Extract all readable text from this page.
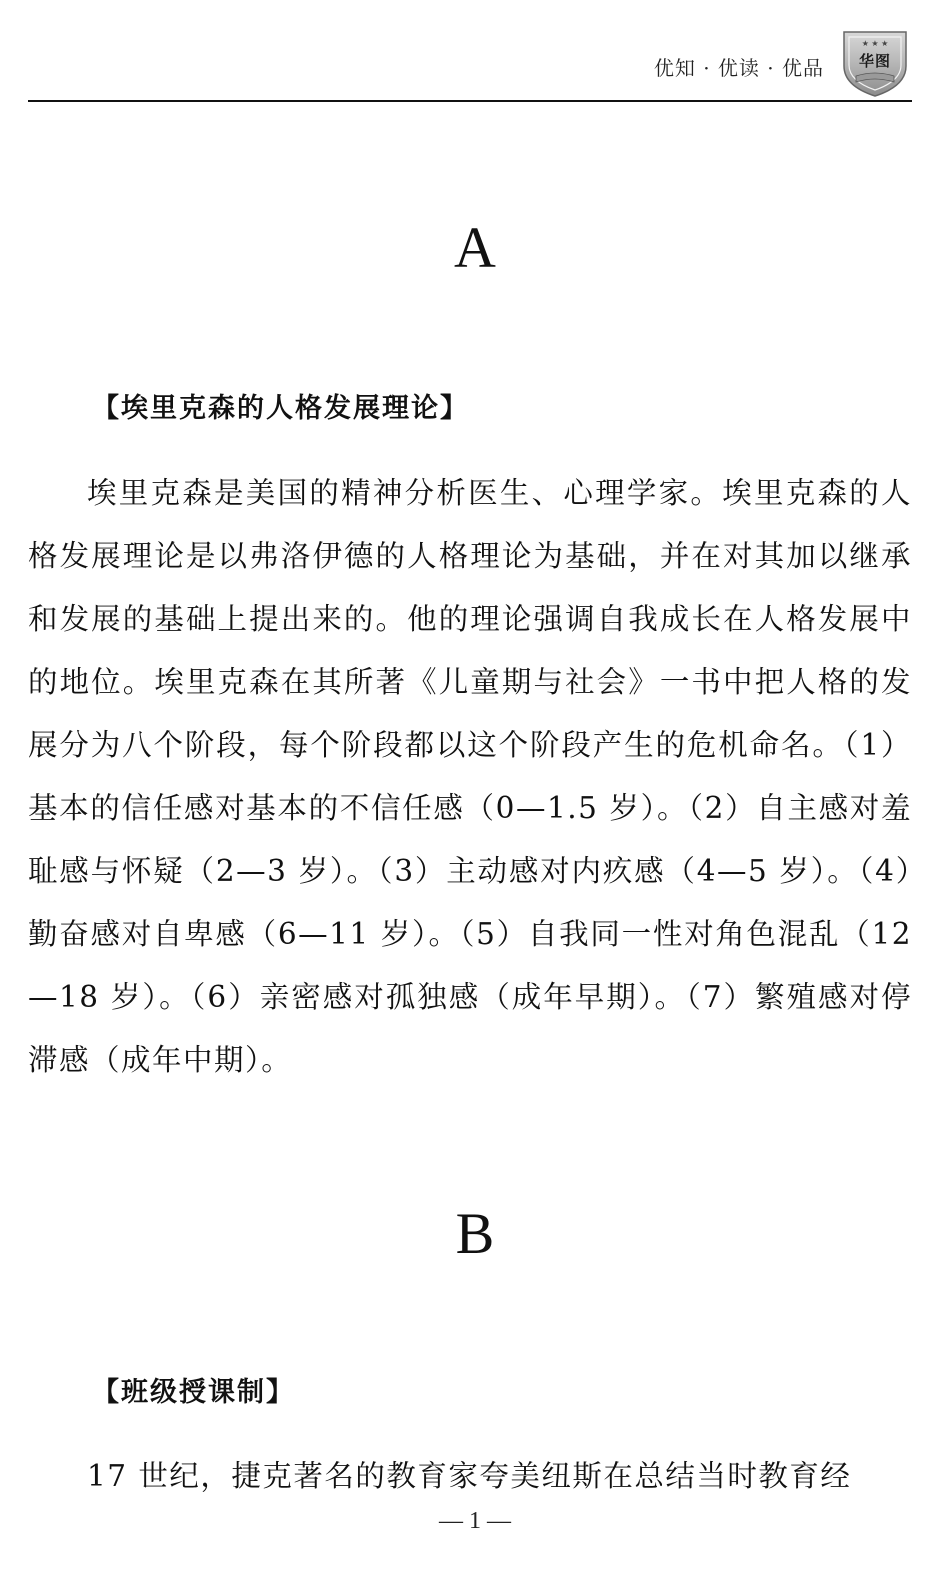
优知 · 优读 · 优品
★ ★ ★
华图
A
【埃里克森的人格发展理论】
埃里克森是美国的精神分析医生、心理学家。埃里克森的人格发展理论是以弗洛伊德的人格理论为基础，并在对其加以继承和发展的基础上提出来的。他的理论强调自我成长在人格发展中的地位。埃里克森在其所著《儿童期与社会》一书中把人格的发展分为八个阶段，每个阶段都以这个阶段产生的危机命名。（1）基本的信任感对基本的不信任感（0—1.5 岁）。（2）自主感对羞耻感与怀疑（2—3 岁）。（3）主动感对内疚感（4—5 岁）。（4）勤奋感对自卑感（6—11 岁）。（5）自我同一性对角色混乱（12—18 岁）。（6）亲密感对孤独感（成年早期）。（7）繁殖感对停滞感（成年中期）。
B
【班级授课制】
17 世纪，捷克著名的教育家夸美纽斯在总结当时教育经
— 1 —
